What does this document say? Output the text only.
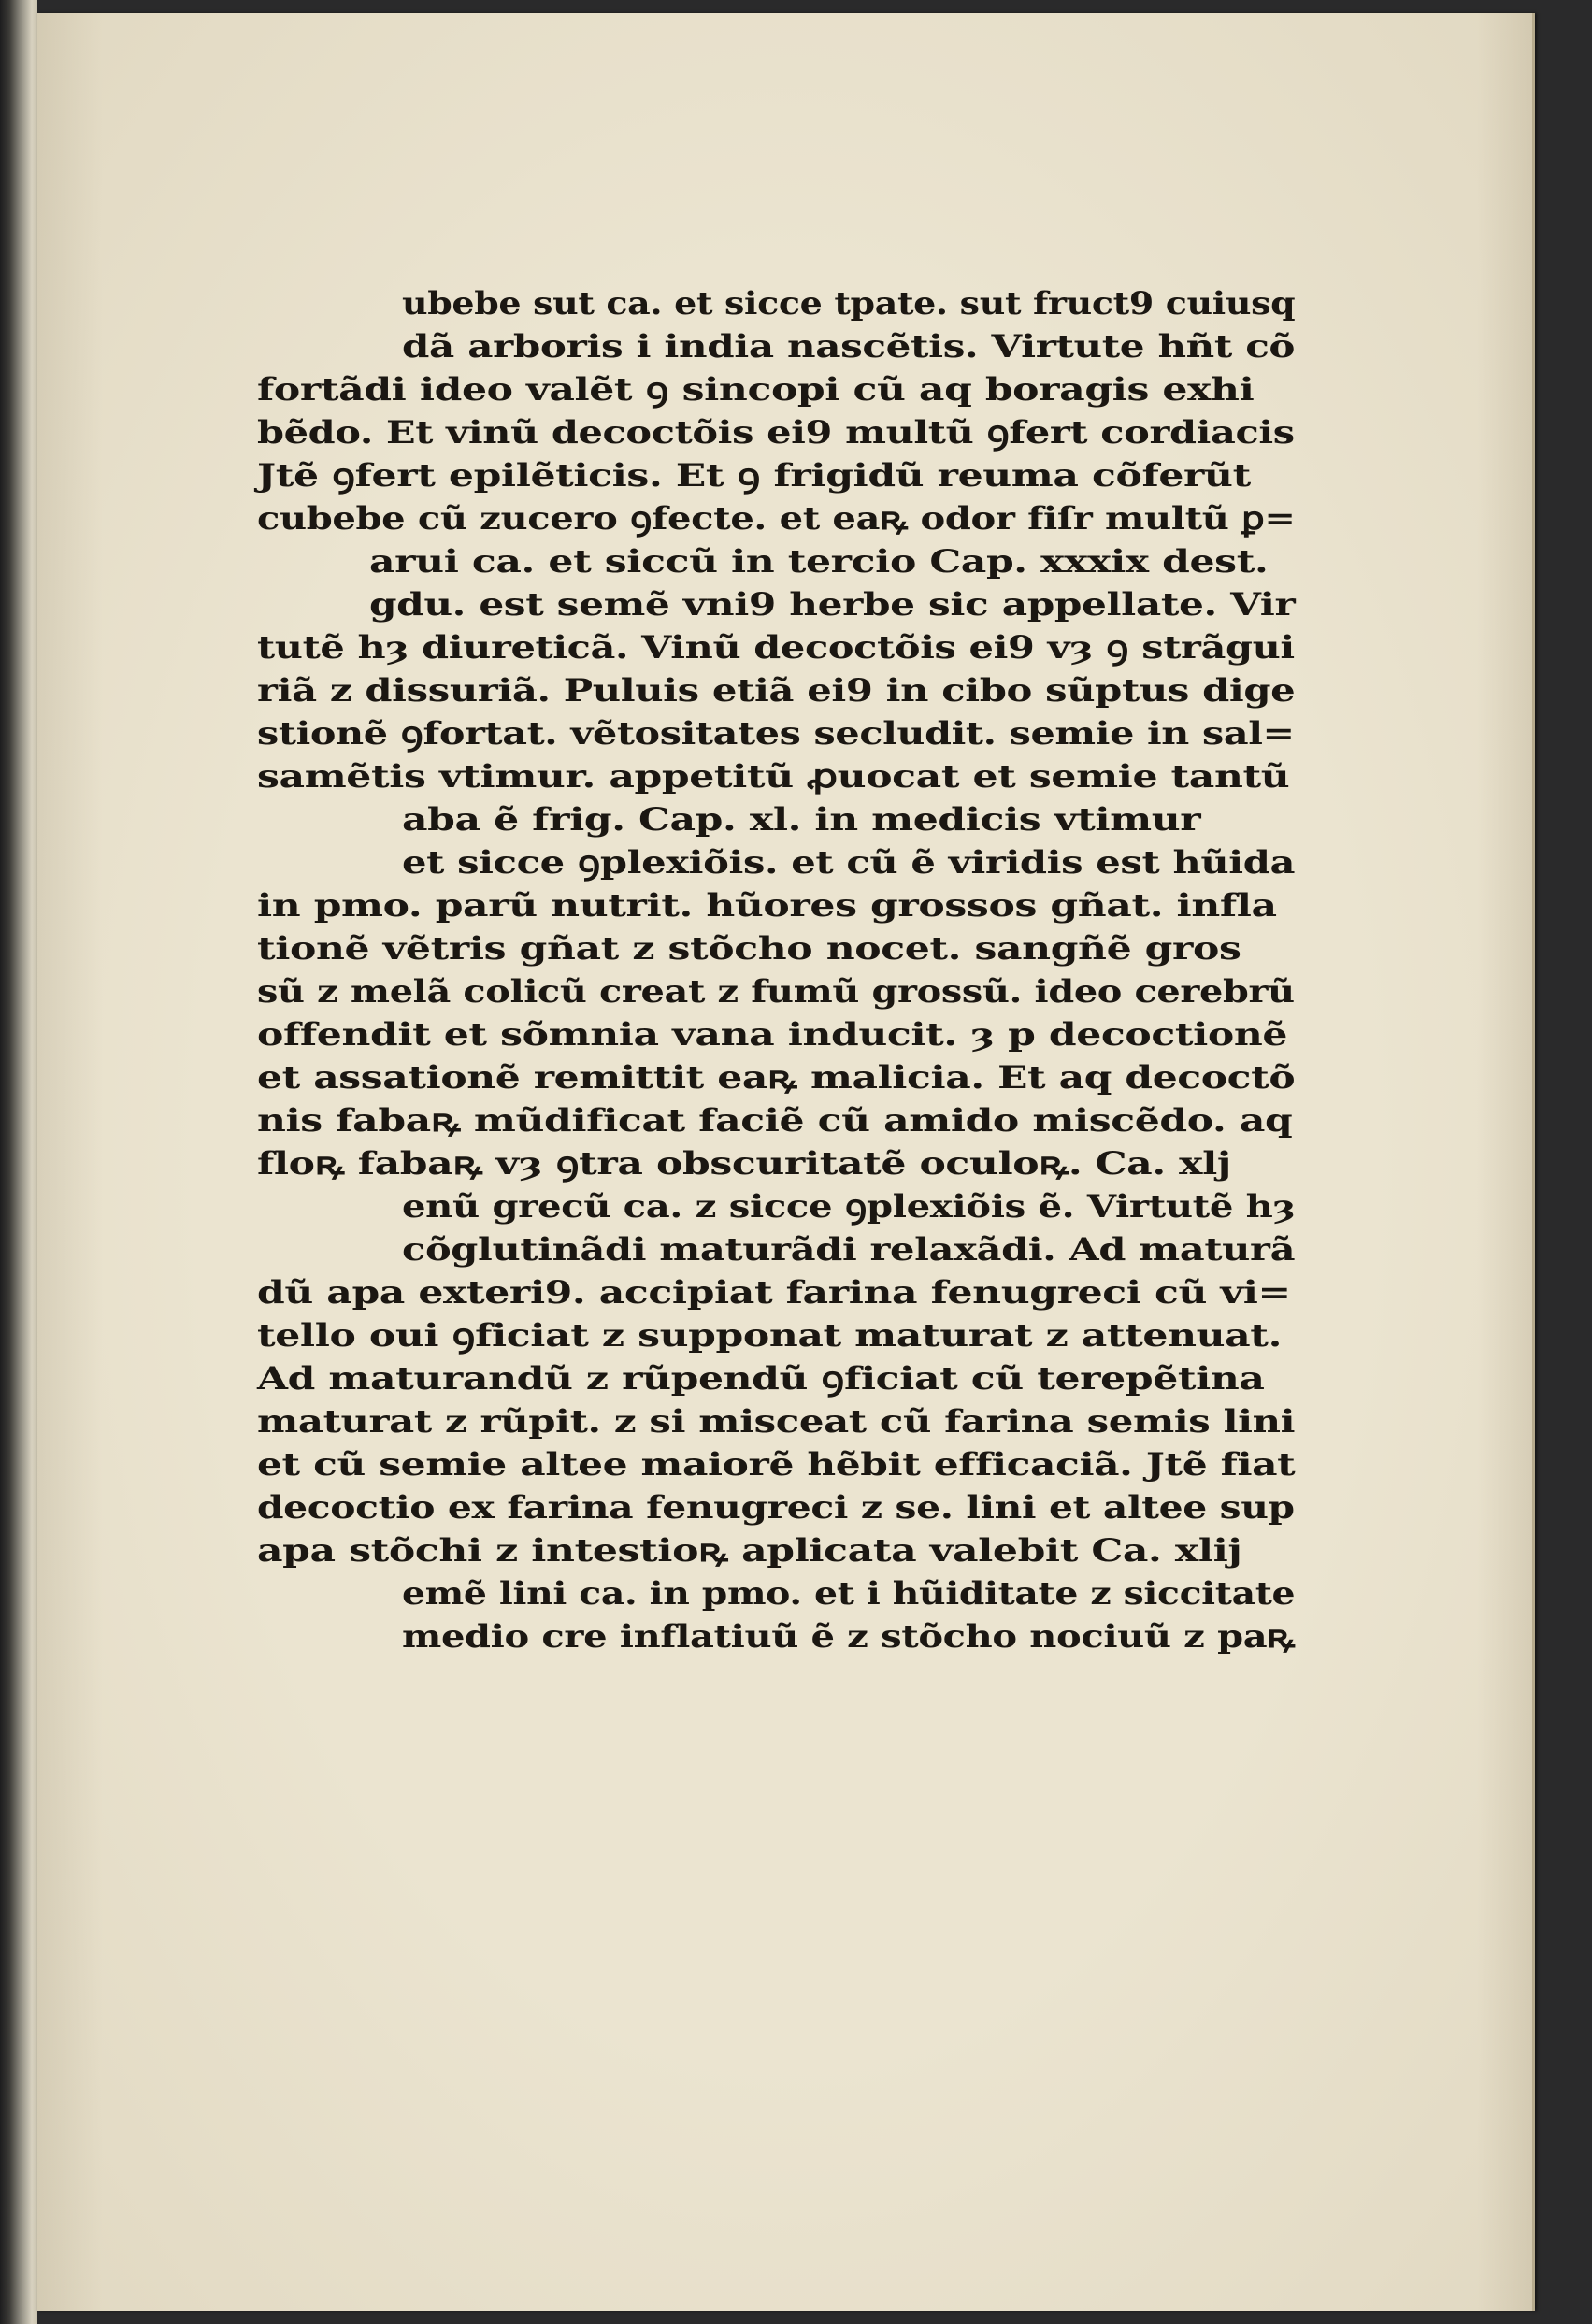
ubebe sut ca. et sicce tpate. sut fruct9 cuiusq
dã arboris i india nascẽtis. Virtute hñt cõ
fortãdi ideo valẽt ꝯ sincopi cũ aq boragis exhi
bẽdo. Et vinũ decoctõis ei9 multũ ꝯfert cordiacis
Jtẽ ꝯfert epilẽticis. Et ꝯ frigidũ reuma cõferũt
cubebe cũ zucero ꝯfecte. et eaꝶ odor fiſr multũ ꝑ=
arui ca. et siccũ in tercio Cap. xxxix dest.
gdu. est semẽ vni9 herbe sic appellate. Vir
tutẽ hȝ diureticã. Vinũ decoctõis ei9 vȝ ꝯ strãgui
riã z dissuriã. Puluis etiã ei9 in cibo sũptus dige
stionẽ ꝯfortat. vẽtositates secludit. semie in sal=
samẽtis vtimur. appetitũ ꝓuocat et semie tantũ
aba ẽ frig. Cap. xl. in medicis vtimur
et sicce ꝯplexiõis. et cũ ẽ viridis est hũida
in pmo. parũ nutrit. hũores grossos gñat. infla
tionẽ vẽtris gñat z stõcho nocet. sangñẽ gros
sũ z melã colicũ creat z fumũ grossũ. ideo cerebrũ
offendit et sõmnia vana inducit. ȝ p decoctionẽ
et assationẽ remittit eaꝶ malicia. Et aq decoctõ
nis fabaꝶ mũdificat faciẽ cũ amido miscẽdo. aq
floꝶ fabaꝶ vȝ ꝯtra obscuritatẽ oculoꝶ. Ca. xlj
enũ grecũ ca. z sicce ꝯplexiõis ẽ. Virtutẽ hȝ
cõglutinãdi maturãdi relaxãdi. Ad maturã
dũ apa exteri9. accipiat farina fenugreci cũ vi=
tello oui ꝯficiat z supponat maturat z attenuat.
Ad maturandũ z rũpendũ ꝯficiat cũ terepẽtina
maturat z rũpit. z si misceat cũ farina semis lini
et cũ semie altee maiorẽ hẽbit efficaciã. Jtẽ fiat
decoctio ex farina fenugreci z se. lini et altee sup
apa stõchi z intestioꝶ aplicata valebit Ca. xlij
emẽ lini ca. in pmo. et i hũiditate z siccitate
medio cre inflatiuũ ẽ z stõcho nociuũ z paꝶ
